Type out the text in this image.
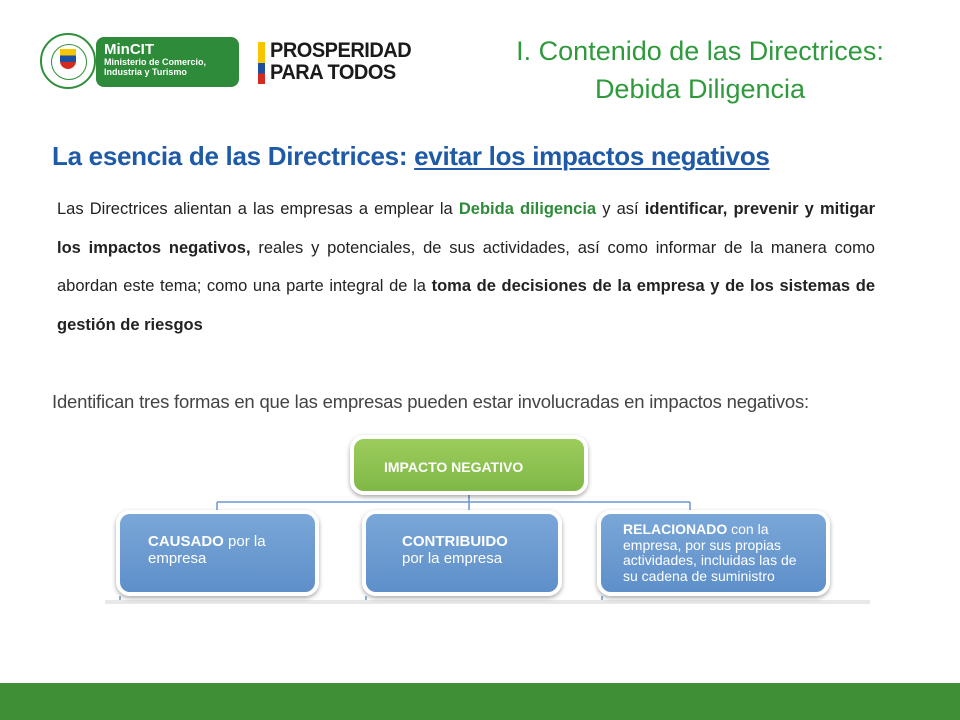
MinCIT
Ministerio de Comercio,
Industria y Turismo
PROSPERIDAD
PARA TODOS
I. Contenido de las Directrices:
Debida Diligencia
La esencia de las Directrices: evitar los impactos negativos
Las Directrices alientan a las empresas a emplear la Debida diligencia y así identificar, prevenir y mitigar los impactos negativos, reales y potenciales, de sus actividades, así como informar de la manera como abordan este tema; como una parte integral de la toma de decisiones de la empresa y de los sistemas de gestión de riesgos
Identifican tres formas en que las empresas pueden estar involucradas en impactos negativos:
IMPACTO NEGATIVO
CAUSADO por la
empresa
CONTRIBUIDO
por la empresa
RELACIONADO con la
empresa, por sus propias
actividades, incluidas las de
su cadena de suministro
